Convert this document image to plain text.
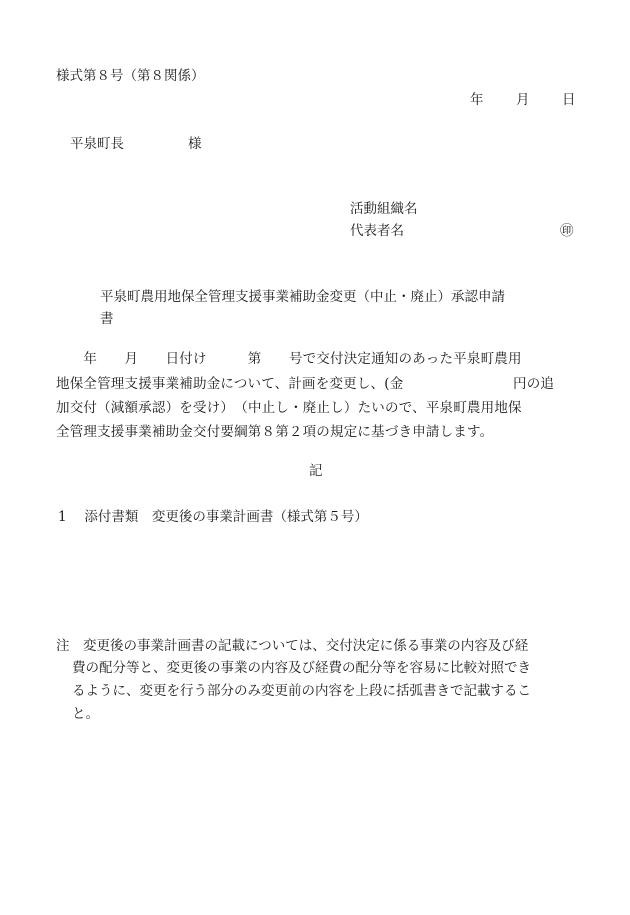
様式第８号（第８関係）
年 月 日
平泉町長	様
活動組織名
代表者名	㊞
平泉町農用地保全管理支援事業補助金変更（中止・廃止）承認申請
書
　　年　　月　　日付け　　　第　　号で交付決定通知のあった平泉町農用
地保全管理支援事業補助金について、計画を変更し、(金　　　　　　　　円の追
加交付（減額承認）を受け）　（中止し・廃止し）たいので、平泉町農用地保
全管理支援事業補助金交付要綱第８第２項の規定に基づき申請します。
記
1　 添付書類　変更後の事業計画書（様式第５号）
注　変更後の事業計画書の記載については、交付決定に係る事業の内容及び経
費の配分等と、変更後の事業の内容及び経費の配分等を容易に比較対照でき
るように、変更を行う部分のみ変更前の内容を上段に括弧書きで記載するこ
と。
